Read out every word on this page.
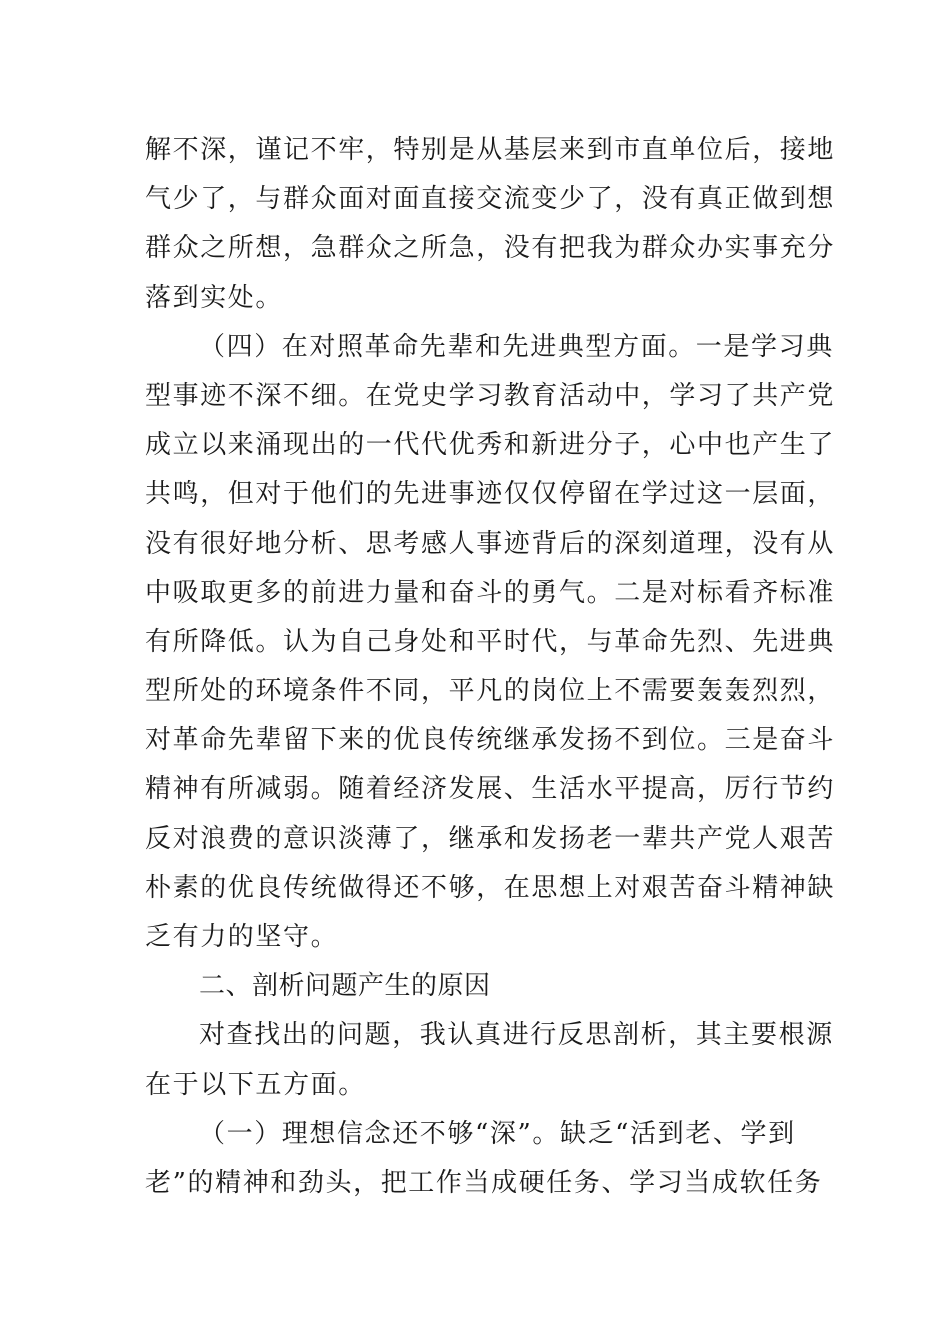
解不深，谨记不牢，特别是从基层来到市直单位后，接地
气少了，与群众面对面直接交流变少了，没有真正做到想
群众之所想，急群众之所急，没有把我为群众办实事充分
落到实处。
（四）在对照革命先辈和先进典型方面。一是学习典
型事迹不深不细。在党史学习教育活动中，学习了共产党
成立以来涌现出的一代代优秀和新进分子，心中也产生了
共鸣，但对于他们的先进事迹仅仅停留在学过这一层面，
没有很好地分析、思考感人事迹背后的深刻道理，没有从
中吸取更多的前进力量和奋斗的勇气。二是对标看齐标准
有所降低。认为自己身处和平时代，与革命先烈、先进典
型所处的环境条件不同，平凡的岗位上不需要轰轰烈烈，
对革命先辈留下来的优良传统继承发扬不到位。三是奋斗
精神有所减弱。随着经济发展、生活水平提高，厉行节约
反对浪费的意识淡薄了，继承和发扬老一辈共产党人艰苦
朴素的优良传统做得还不够，在思想上对艰苦奋斗精神缺
乏有力的坚守。
二、剖析问题产生的原因
对查找出的问题，我认真进行反思剖析，其主要根源
在于以下五方面。
（一）理想信念还不够“深”。缺乏“活到老、学到
老”的精神和劲头，把工作当成硬任务、学习当成软任务
